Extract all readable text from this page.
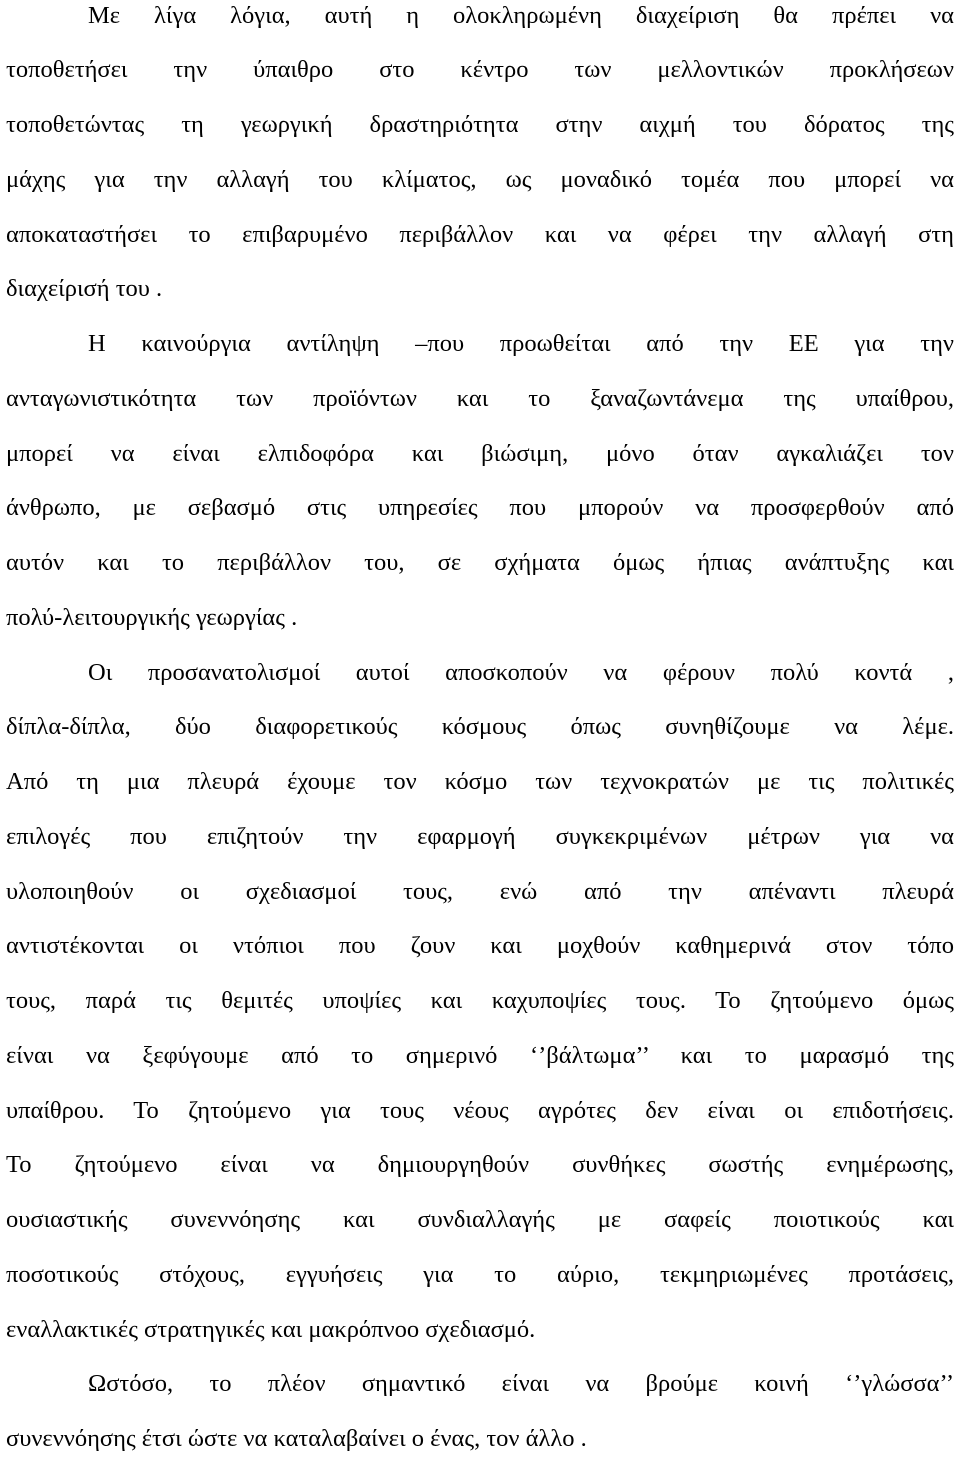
Με λίγα λόγια, αυτή η ολοκληρωμένη διαχείριση θα πρέπει να
τοποθετήσει την ύπαιθρο στο κέντρο των μελλοντικών προκλήσεων
τοποθετώντας τη γεωργική δραστηριότητα στην αιχμή του δόρατος της
μάχης για την αλλαγή του κλίματος, ως μοναδικό τομέα που μπορεί να
αποκαταστήσει το επιβαρυμένο περιβάλλον και να φέρει την αλλαγή στη
διαχείρισή του .
Η καινούργια αντίληψη –που προωθείται από την ΕΕ για την
ανταγωνιστικότητα των προϊόντων και το ξαναζωντάνεμα της υπαίθρου,
μπορεί να είναι ελπιδοφόρα και βιώσιμη, μόνο όταν αγκαλιάζει τον
άνθρωπο, με σεβασμό στις υπηρεσίες που μπορούν να προσφερθούν από
αυτόν και το περιβάλλον του, σε σχήματα όμως ήπιας ανάπτυξης και
πολύ-λειτουργικής γεωργίας .
Οι προσανατολισμοί αυτοί αποσκοπούν να φέρουν πολύ κοντά ,
δίπλα-δίπλα, δύο διαφορετικούς κόσμους όπως συνηθίζουμε να λέμε.
Από τη μια πλευρά έχουμε τον κόσμο των τεχνοκρατών με τις πολιτικές
επιλογές που επιζητούν την εφαρμογή συγκεκριμένων μέτρων για να
υλοποιηθούν οι σχεδιασμοί τους, ενώ από την απέναντι πλευρά
αντιστέκονται οι ντόπιοι που ζουν και μοχθούν καθημερινά στον τόπο
τους, παρά τις θεμιτές υποψίες και καχυποψίες τους. Το ζητούμενο όμως
είναι να ξεφύγουμε από το σημερινό ‘’βάλτωμα’’ και το μαρασμό της
υπαίθρου. Το ζητούμενο για τους νέους αγρότες δεν είναι οι επιδοτήσεις.
Το ζητούμενο είναι να δημιουργηθούν συνθήκες σωστής ενημέρωσης,
ουσιαστικής συνεννόησης και συνδιαλλαγής με σαφείς ποιοτικούς και
ποσοτικούς στόχους, εγγυήσεις για το αύριο, τεκμηριωμένες προτάσεις,
εναλλακτικές στρατηγικές και μακρόπνοο σχεδιασμό.
Ωστόσο, το πλέον σημαντικό είναι να βρούμε κοινή ‘’γλώσσα’’
συνεννόησης έτσι ώστε να καταλαβαίνει ο ένας, τον άλλο .
